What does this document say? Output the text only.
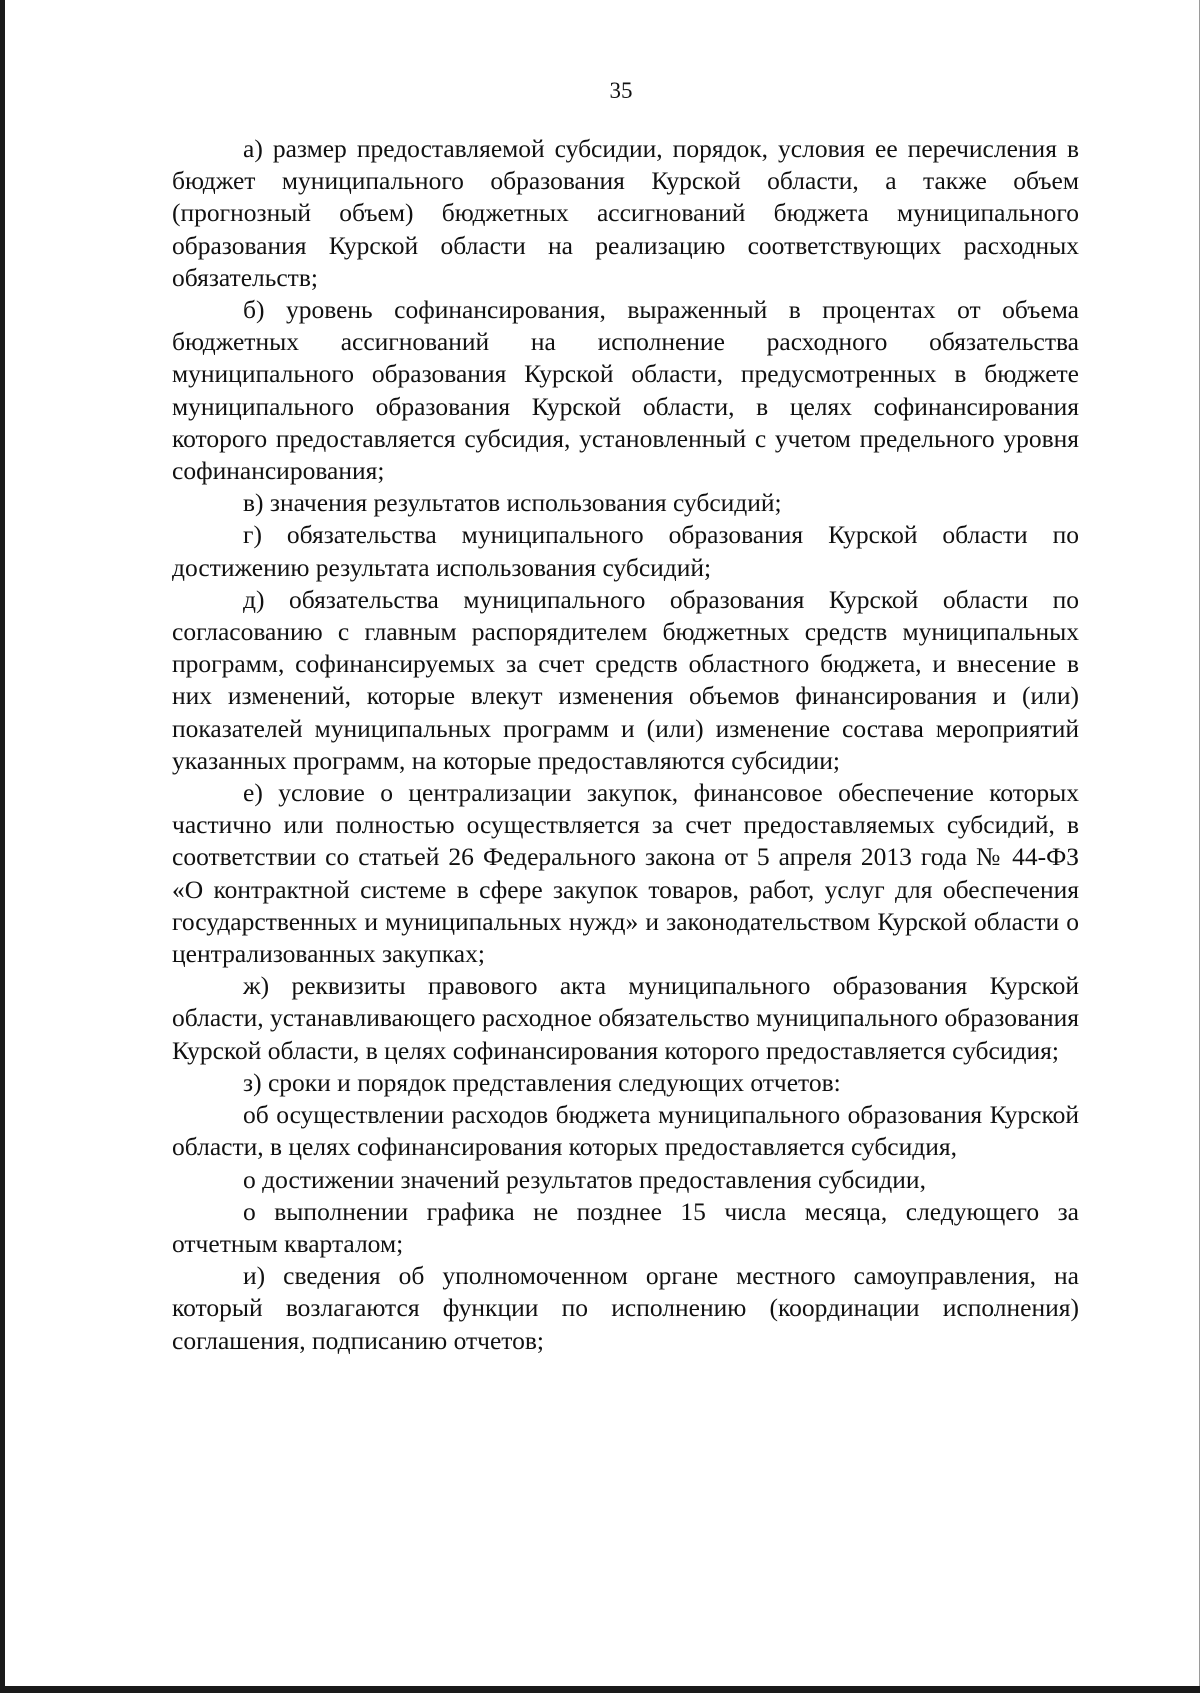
35

а) размер предоставляемой субсидии, порядок, условия ее перечисления в бюджет муниципального образования Курской области, а также объем (прогнозный объем) бюджетных ассигнований бюджета муниципального образования Курской области на реализацию соответствующих расходных обязательств;

б) уровень софинансирования, выраженный в процентах от объема бюджетных ассигнований на исполнение расходного обязательства муниципального образования Курской области, предусмотренных в бюджете муниципального образования Курской области, в целях софинансирования которого предоставляется субсидия, установленный с учетом предельного уровня софинансирования;

в) значения результатов использования субсидий;

г) обязательства муниципального образования Курской области по достижению результата использования субсидий;

д) обязательства муниципального образования Курской области по согласованию с главным распорядителем бюджетных средств муниципальных программ, софинансируемых за счет средств областного бюджета, и внесение в них изменений, которые влекут изменения объемов финансирования и (или) показателей муниципальных программ и (или) изменение состава мероприятий указанных программ, на которые предоставляются субсидии;

е) условие о централизации закупок, финансовое обеспечение которых частично или полностью осуществляется за счет предоставляемых субсидий, в соответствии со статьей 26 Федерального закона от 5 апреля 2013 года № 44-ФЗ «О контрактной системе в сфере закупок товаров, работ, услуг для обеспечения государственных и муниципальных нужд» и законодательством Курской области о централизованных закупках;

ж) реквизиты правового акта муниципального образования Курской области, устанавливающего расходное обязательство муниципального образования Курской области, в целях софинансирования которого предоставляется субсидия;

з) сроки и порядок представления следующих отчетов:

об осуществлении расходов бюджета муниципального образования Курской области, в целях софинансирования которых предоставляется субсидия,

о достижении значений результатов предоставления субсидии,

о выполнении графика не позднее 15 числа месяца, следующего за отчетным кварталом;

и) сведения об уполномоченном органе местного самоуправления, на который возлагаются функции по исполнению (координации исполнения) соглашения, подписанию отчетов;
